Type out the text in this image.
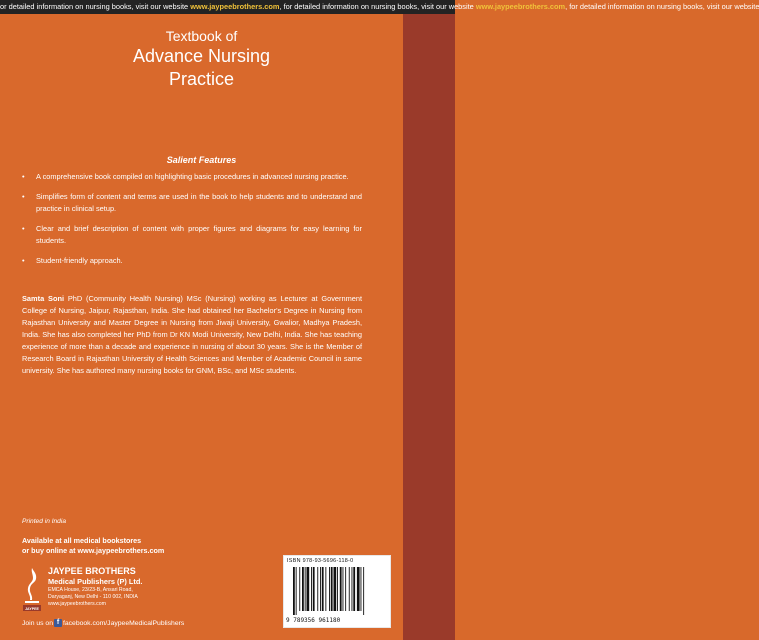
or detailed information on nursing books, visit our website www.jaypeebrothers.com, for detailed information on nursing books, visit our website www.jaypeebrothers.com, for detailed information on nursing books, visit our website
Textbook of
Advance Nursing
Practice
Salient Features
• A comprehensive book compiled on highlighting basic procedures in advanced nursing practice.
• Simplifies form of content and terms are used in the book to help students and to understand and practice in clinical setup.
• Clear and brief description of content with proper figures and diagrams for easy learning for students.
• Student-friendly approach.
Samta Soni PhD (Community Health Nursing) MSc (Nursing) working as Lecturer at Government College of Nursing, Jaipur, Rajasthan, India. She had obtained her Bachelor's Degree in Nursing from Rajasthan University and Master Degree in Nursing from Jiwaji University, Gwalior, Madhya Pradesh, India. She has also completed her PhD from Dr KN Modi University, New Delhi, India. She has teaching experience of more than a decade and experience in nursing of about 30 years. She is the Member of Research Board in Rajasthan University of Health Sciences and Member of Academic Council in same university. She has authored many nursing books for GNM, BSc, and MSc students.
Printed in India
Available at all medical bookstores
or buy online at www.jaypeebrothers.com
JAYPEE
JAYPEE BROTHERS
Medical Publishers (P) Ltd.
EMCA House, 23/23-B, Ansari Road,
Daryaganj, New Delhi - 110 002, INDIA
www.jaypeebrothers.com
Join us on f facebook.com/JaypeeMedicalPublishers
ISBN 978-93-5696-118-0
9 789356 961180
